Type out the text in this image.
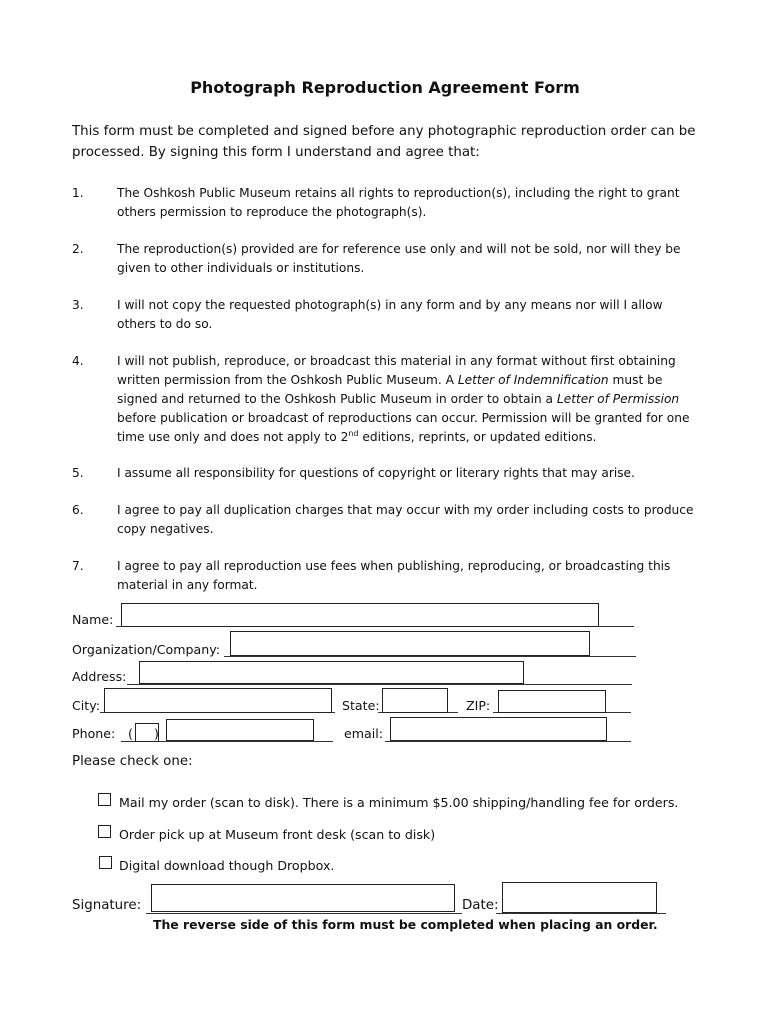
Photograph Reproduction Agreement Form
This form must be completed and signed before any photographic reproduction order can be
processed. By signing this form I understand and agree that:
1.	The Oshkosh Public Museum retains all rights to reproduction(s), including the right to grant
others permission to reproduce the photograph(s).
2.	The reproduction(s) provided are for reference use only and will not be sold, nor will they be
given to other individuals or institutions.
3.	I will not copy the requested photograph(s) in any form and by any means nor will I allow
others to do so.
4.	I will not publish, reproduce, or broadcast this material in any format without first obtaining
written permission from the Oshkosh Public Museum. A Letter of Indemnification must be
signed and returned to the Oshkosh Public Museum in order to obtain a Letter of Permission
before publication or broadcast of reproductions can occur. Permission will be granted for one
time use only and does not apply to 2nd editions, reprints, or updated editions.
5.	I assume all responsibility for questions of copyright or literary rights that may arise.
6.	I agree to pay all duplication charges that may occur with my order including costs to produce
copy negatives.
7.	I agree to pay all reproduction use fees when publishing, reproducing, or broadcasting this
material in any format.
Name:
Organization/Company:
Address:
City:	State:	ZIP:
Phone: ( )	email:
Please check one:
Mail my order (scan to disk). There is a minimum $5.00 shipping/handling fee for orders.
Order pick up at Museum front desk (scan to disk)
Digital download though Dropbox.
Signature:	Date:
The reverse side of this form must be completed when placing an order.
